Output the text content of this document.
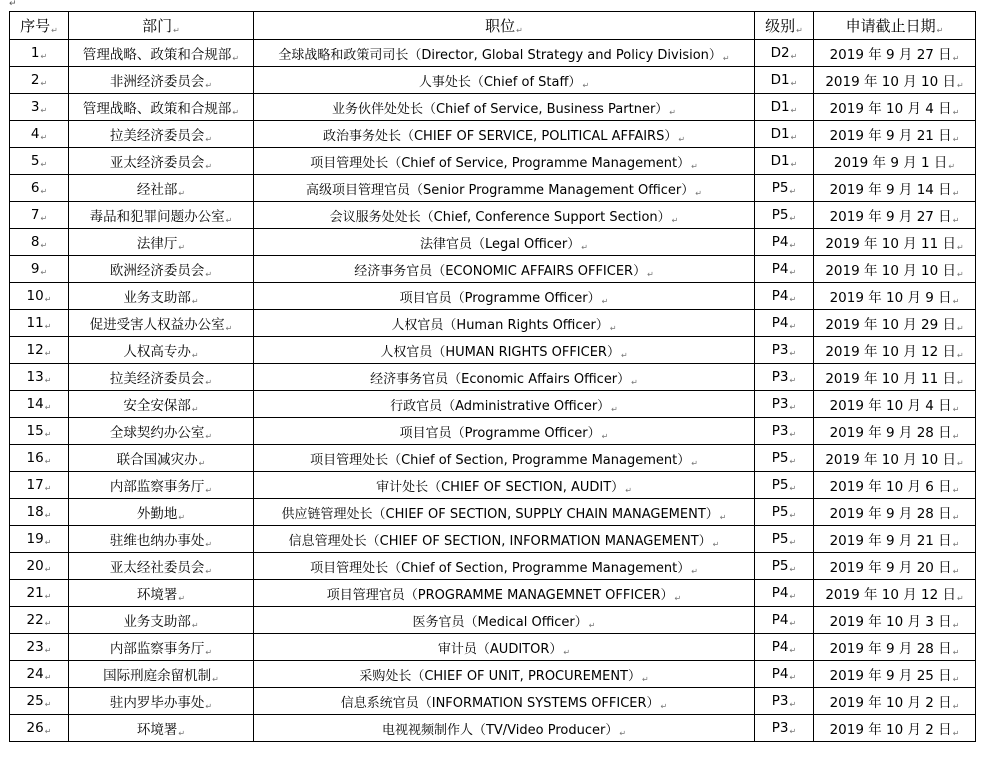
↵
序号↵	部门↵	职位↵	级别↵	申请截止日期↵
1↵	管理战略、政策和合规部↵	全球战略和政策司司长（Director, Global Strategy and Policy Division）↵	D2↵	2019 年 9 月 27 日↵
2↵	非洲经济委员会↵	人事处长（Chief of Staff）↵	D1↵	2019 年 10 月 10 日↵
3↵	管理战略、政策和合规部↵	业务伙伴处处长（Chief of Service, Business Partner）↵	D1↵	2019 年 10 月 4 日↵
4↵	拉美经济委员会↵	政治事务处长（CHIEF OF SERVICE, POLITICAL AFFAIRS）↵	D1↵	2019 年 9 月 21 日↵
5↵	亚太经济委员会↵	项目管理处长（Chief of Service, Programme Management）↵	D1↵	2019 年 9 月 1 日↵
6↵	经社部↵	高级项目管理官员（Senior Programme Management Officer）↵	P5↵	2019 年 9 月 14 日↵
7↵	毒品和犯罪问题办公室↵	会议服务处处长（Chief, Conference Support Section）↵	P5↵	2019 年 9 月 27 日↵
8↵	法律厅↵	法律官员（Legal Officer）↵	P4↵	2019 年 10 月 11 日↵
9↵	欧洲经济委员会↵	经济事务官员（ECONOMIC AFFAIRS OFFICER）↵	P4↵	2019 年 10 月 10 日↵
10↵	业务支助部↵	项目官员（Programme Officer）↵	P4↵	2019 年 10 月 9 日↵
11↵	促进受害人权益办公室↵	人权官员（Human Rights Officer）↵	P4↵	2019 年 10 月 29 日↵
12↵	人权高专办↵	人权官员（HUMAN RIGHTS OFFICER）↵	P3↵	2019 年 10 月 12 日↵
13↵	拉美经济委员会↵	经济事务官员（Economic Affairs Officer）↵	P3↵	2019 年 10 月 11 日↵
14↵	安全安保部↵	行政官员（Administrative Officer）↵	P3↵	2019 年 10 月 4 日↵
15↵	全球契约办公室↵	项目官员（Programme Officer）↵	P3↵	2019 年 9 月 28 日↵
16↵	联合国减灾办↵	项目管理处长（Chief of Section, Programme Management）↵	P5↵	2019 年 10 月 10 日↵
17↵	内部监察事务厅↵	审计处长（CHIEF OF SECTION, AUDIT）↵	P5↵	2019 年 10 月 6 日↵
18↵	外勤地↵	供应链管理处长（CHIEF OF SECTION, SUPPLY CHAIN MANAGEMENT）↵	P5↵	2019 年 9 月 28 日↵
19↵	驻维也纳办事处↵	信息管理处长（CHIEF OF SECTION, INFORMATION MANAGEMENT）↵	P5↵	2019 年 9 月 21 日↵
20↵	亚太经社委员会↵	项目管理处长（Chief of Section, Programme Management）↵	P5↵	2019 年 9 月 20 日↵
21↵	环境署↵	项目管理官员（PROGRAMME MANAGEMNET OFFICER）↵	P4↵	2019 年 10 月 12 日↵
22↵	业务支助部↵	医务官员（Medical Officer）↵	P4↵	2019 年 10 月 3 日↵
23↵	内部监察事务厅↵	审计员（AUDITOR）↵	P4↵	2019 年 9 月 28 日↵
24↵	国际刑庭余留机制↵	采购处长（CHIEF OF UNIT, PROCUREMENT）↵	P4↵	2019 年 9 月 25 日↵
25↵	驻内罗毕办事处↵	信息系统官员（INFORMATION SYSTEMS OFFICER）↵	P3↵	2019 年 10 月 2 日↵
26↵	环境署↵	电视视频制作人（TV/Video Producer）↵	P3↵	2019 年 10 月 2 日↵
